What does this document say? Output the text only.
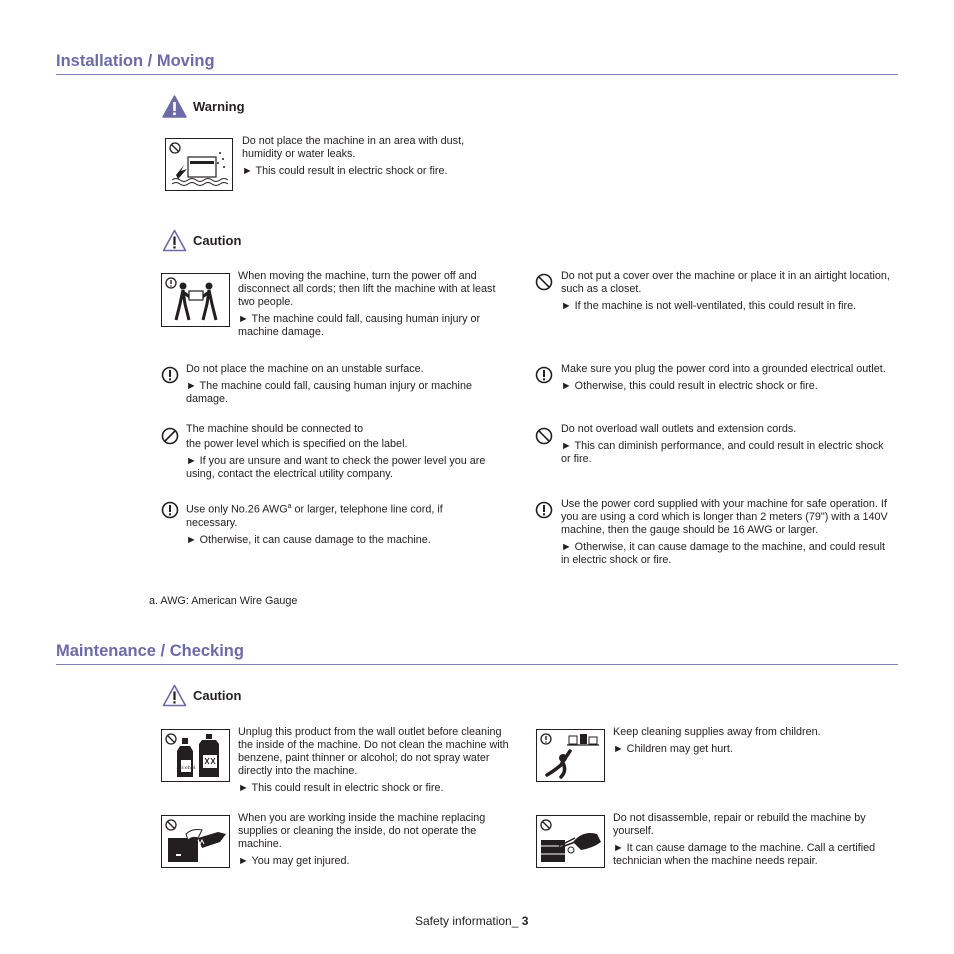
Installation / Moving
Warning

Do not place the machine in an area with dust, humidity or water leaks.

► This could result in electric shock or fire.

Caution

When moving the machine, turn the power off and disconnect all cords; then lift the machine with at least two people.

► The machine could fall, causing human injury or machine damage.

Do not put a cover over the machine or place it in an airtight location, such as a closet.

► If the machine is not well-ventilated, this could result in fire.

Do not place the machine on an unstable surface.

► The machine could fall, causing human injury or machine damage.

Make sure you plug the power cord into a grounded electrical outlet.

► Otherwise, this could result in electric shock or fire.

The machine should be connected to

the power level which is specified on the label.

► If you are unsure and want to check the power level you are using, contact the electrical utility company.

Do not overload wall outlets and extension cords.

► This can diminish performance, and could result in electric shock or fire.

Use only No.26 AWG$^a$ or larger, telephone line cord, if necessary.

► Otherwise, it can cause damage to the machine.

Use the power cord supplied with your machine for safe operation. If you are using a cord which is longer than 2 meters (79") with a 140V machine, then the gauge should be 16 AWG or larger.

► Otherwise, it can cause damage to the machine, and could result in electric shock or fire.

a. AWG: American Wire Gauge
Maintenance / Checking
Caution
Alcohol

Unplug this product from the wall outlet before cleaning the inside of the machine. Do not clean the machine with benzene, paint thinner or alcohol; do not spray water directly into the machine.

► This could result in electric shock or fire.

Keep cleaning supplies away from children.

► Children may get hurt.

When you are working inside the machine replacing supplies or cleaning the inside, do not operate the machine.

► You may get injured.

Do not disassemble, repair or rebuild the machine by yourself.

► It can cause damage to the machine. Call a certified technician when the machine needs repair.

Safety information_ 3
